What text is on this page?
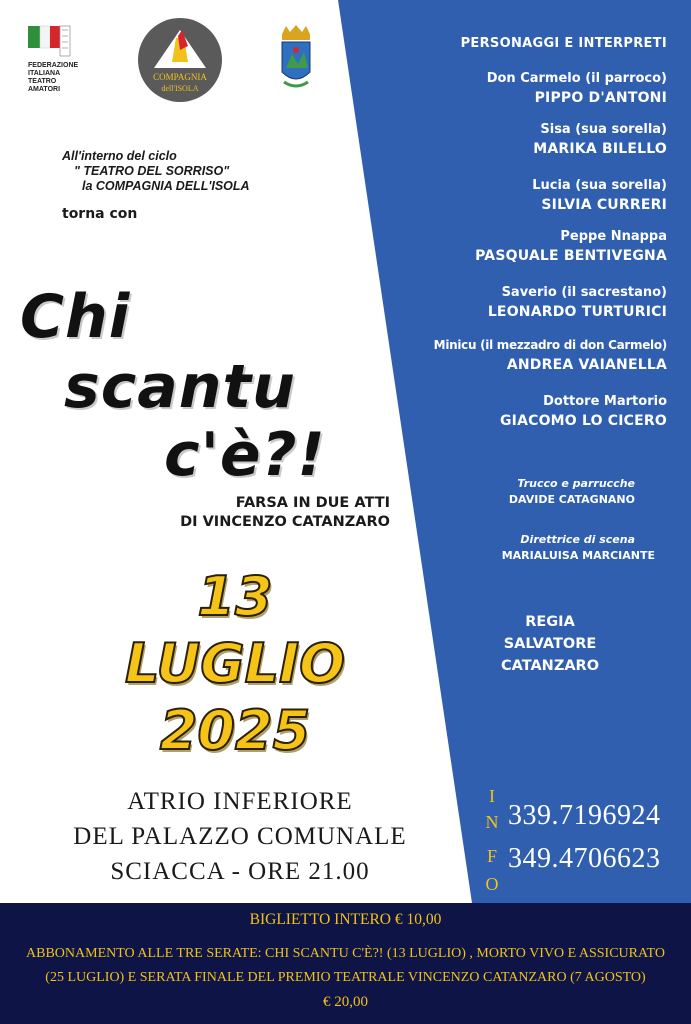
FEDERAZIONE
ITALIANA
TEATRO
AMATORI
COMPAGNIA
dell'ISOLA
All'interno del ciclo
" TEATRO DEL SORRISO"
la COMPAGNIA DELL'ISOLA
torna con
Chi
scantu
c'è?!
FARSA IN DUE ATTI
DI VINCENZO CATANZARO
13
LUGLIO
2025
ATRIO INFERIORE
DEL PALAZZO COMUNALE
SCIACCA - ORE 21.00
PERSONAGGI E INTERPRETI
Don Carmelo (il parroco)
PIPPO D'ANTONI
Sisa (sua sorella)
MARIKA BILELLO
Lucia (sua sorella)
SILVIA CURRERI
Peppe Nnappa
PASQUALE BENTIVEGNA
Saverio (il sacrestano)
LEONARDO TURTURICI
Minicu (il mezzadro di don Carmelo)
ANDREA VAIANELLA
Dottore Martorio
GIACOMO LO CICERO
Trucco e parrucche
DAVIDE CATAGNANO
Direttrice di scena
MARIALUISA MARCIANTE
REGIA
SALVATORE
CATANZARO
I
N
F
O
339.7196924
349.4706623
BIGLIETTO INTERO € 10,00
ABBONAMENTO ALLE TRE SERATE: CHI SCANTU C'È?! (13 LUGLIO) , MORTO VIVO E ASSICURATO
(25 LUGLIO) E SERATA FINALE DEL PREMIO TEATRALE VINCENZO CATANZARO (7 AGOSTO)
€ 20,00
